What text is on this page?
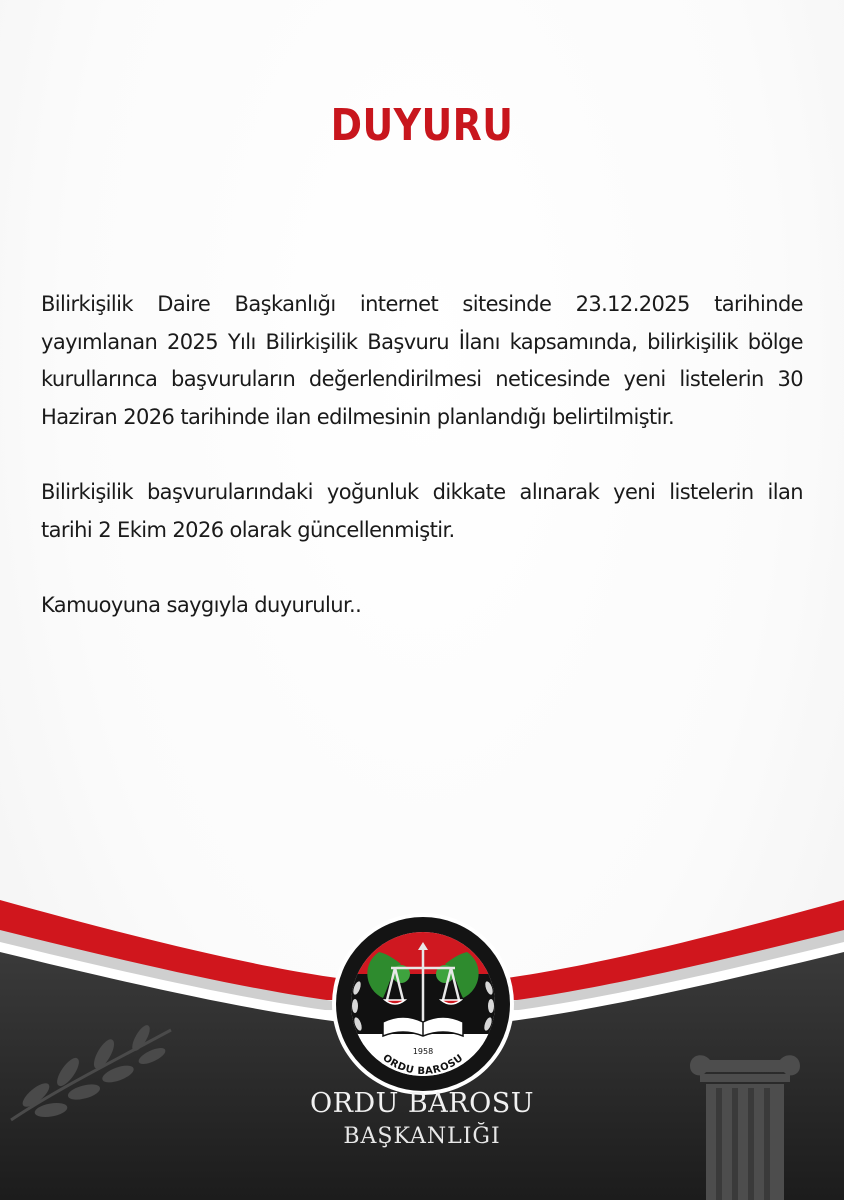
DUYURU

Bilirkişilik Daire Başkanlığı internet sitesinde 23.12.2025 tarihinde yayımlanan 2025 Yılı Bilirkişilik Başvuru İlanı kapsamında, bilirkişilik bölge kurullarınca başvuruların değerlendirilmesi neticesinde yeni listelerin 30 Haziran 2026 tarihinde ilan edilmesinin planlandığı belirtilmiştir.

Bilirkişilik başvurularındaki yoğunluk dikkate alınarak yeni listelerin ilan tarihi 2 Ekim 2026 olarak güncellenmiştir.

Kamuoyuna saygıyla duyurulur..

1958
ORDU BAROSU
ORDU BAROSU
BAŞKANLIĞI
